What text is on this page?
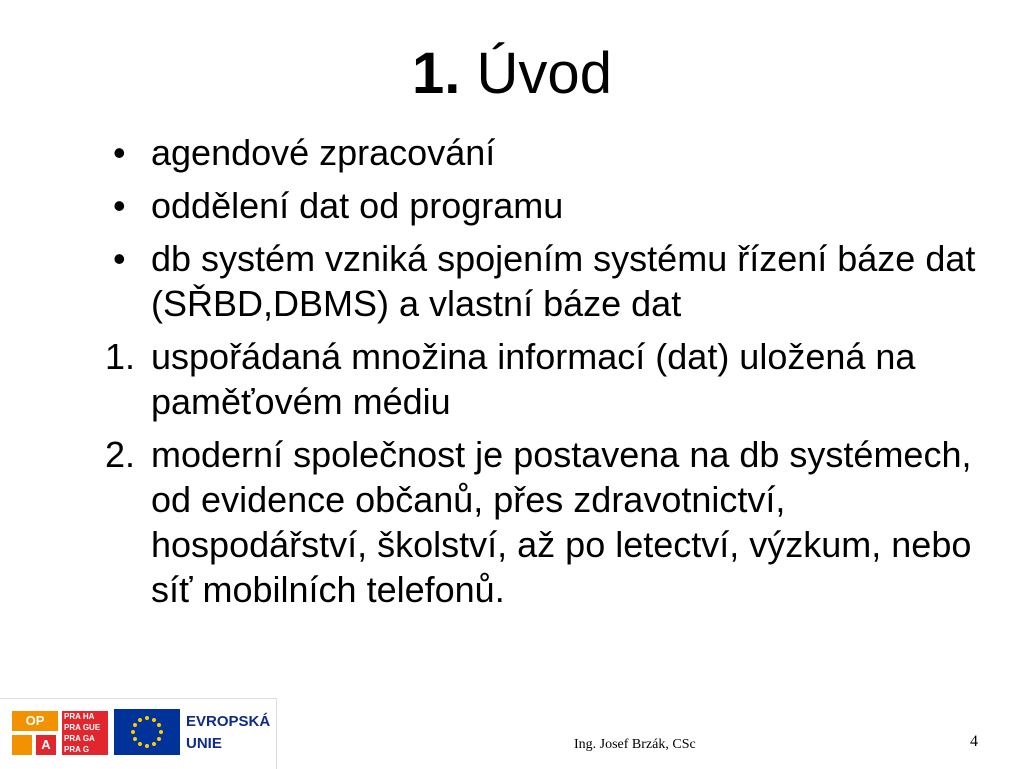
1. Úvod
• agendové zpracování
• oddělení dat od programu
• db systém vzniká spojením systému řízení báze dat (SŘBD,DBMS) a vlastní báze dat
1. uspořádaná množina informací (dat) uložená na paměťovém médiu
2. moderní společnost je postavena na db systémech, od evidence občanů, přes zdravotnictví, hospodářství, školství, až po letectví, výzkum, nebo síť mobilních telefonů.
OP
A
PRA HA
PRA GUE
PRA GA
PRA G
EVROPSKÁ
UNIE	Ing. Josef Brzák, CSc	4
